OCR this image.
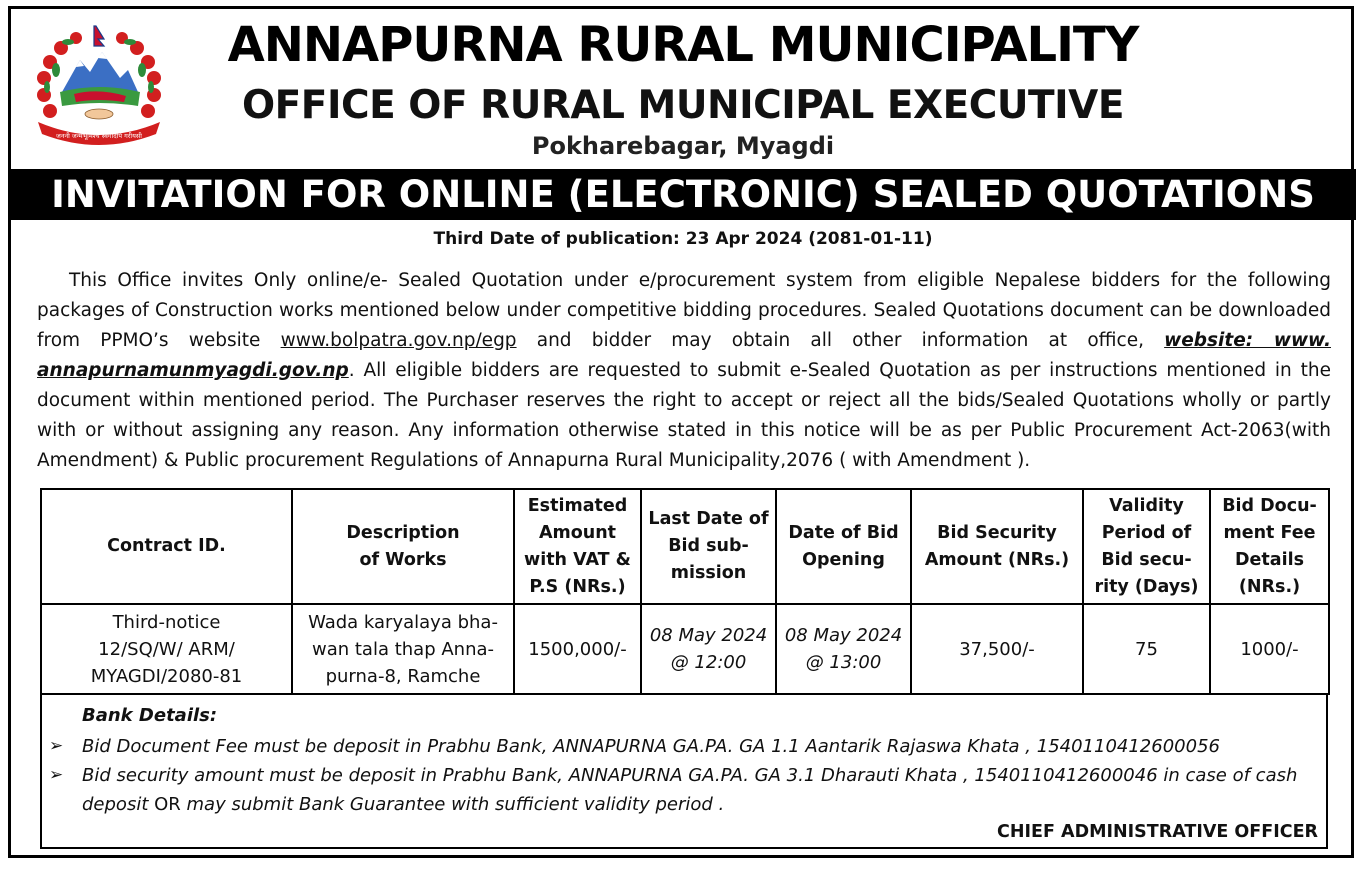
जननी जन्मभूमिश्च स्वर्गादपि गरीयसी
ANNAPURNA RURAL MUNICIPALITY
OFFICE OF RURAL MUNICIPAL EXECUTIVE
Pokharebagar, Myagdi
INVITATION FOR ONLINE (ELECTRONIC) SEALED QUOTATIONS
Third Date of publication: 23 Apr 2024 (2081-01-11)
This Office invites Only online/e- Sealed Quotation under e/procurement system from eligible Nepalese bidders for the following packages of Construction works mentioned below under competitive bidding procedures. Sealed Quotations document can be downloaded from PPMO’s website www.bolpatra.gov.np/egp and bidder may obtain all other information at office, website: www. annapurnamunmyagdi.gov.np. All eligible bidders are requested to submit e-Sealed Quotation as per instructions mentioned in the document within mentioned period. The Purchaser reserves the right to accept or reject all the bids/Sealed Quotations wholly or partly with or without assigning any reason. Any information otherwise stated in this notice will be as per Public Procurement Act-2063(with Amendment) & Public procurement Regulations of Annapurna Rural Municipality,2076 ( with Amendment ).
Contract ID.	Description of Works	Estimated Amount with VAT & P.S (NRs.)	Last Date of Bid sub-mission	Date of Bid Opening	Bid Security Amount (NRs.)	Validity Period of Bid secu-rity (Days)	Bid Docu-ment Fee Details (NRs.)
Third-notice 12/SQ/W/ ARM/ MYAGDI/2080-81	Wada karyalaya bha-wan tala thap Anna-purna-8, Ramche	1500,000/-	08 May 2024 @ 12:00	08 May 2024 @ 13:00	37,500/-	75	1000/-
Bank Details:
➢ Bid Document Fee must be deposit in Prabhu Bank, ANNAPURNA GA.PA. GA 1.1 Aantarik Rajaswa Khata , 1540110412600056
➢ Bid security amount must be deposit in Prabhu Bank, ANNAPURNA GA.PA. GA 3.1 Dharauti Khata , 1540110412600046 in case of cash deposit OR may submit Bank Guarantee with sufficient validity period .
CHIEF ADMINISTRATIVE OFFICER
